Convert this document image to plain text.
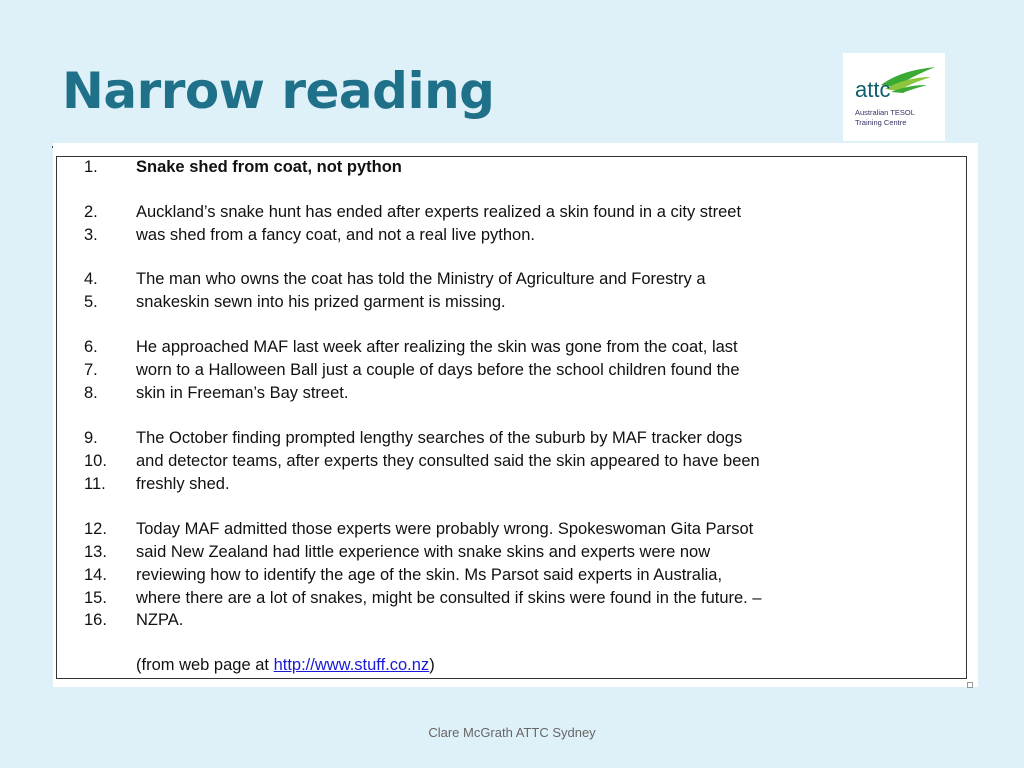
Narrow reading	attc
Australian TESOL
Training Centre
1. Snake shed from coat, not python
2. Auckland’s snake hunt has ended after experts realized a skin found in a city street
3. was shed from a fancy coat, and not a real live python.
4. The man who owns the coat has told the Ministry of Agriculture and Forestry a
5. snakeskin sewn into his prized garment is missing.
6. He approached MAF last week after realizing the skin was gone from the coat, last
7. worn to a Halloween Ball just a couple of days before the school children found the
8. skin in Freeman’s Bay street.
9. The October finding prompted lengthy searches of the suburb by MAF tracker dogs
10. and detector teams, after experts they consulted said the skin appeared to have been
11. freshly shed.
12. Today MAF admitted those experts were probably wrong. Spokeswoman Gita Parsot
13. said New Zealand had little experience with snake skins and experts were now
14. reviewing how to identify the age of the skin. Ms Parsot said experts in Australia,
15. where there are a lot of snakes, might be consulted if skins were found in the future. –
16. NZPA.
(from web page at http://www.stuff.co.nz)
Clare McGrath ATTC Sydney
